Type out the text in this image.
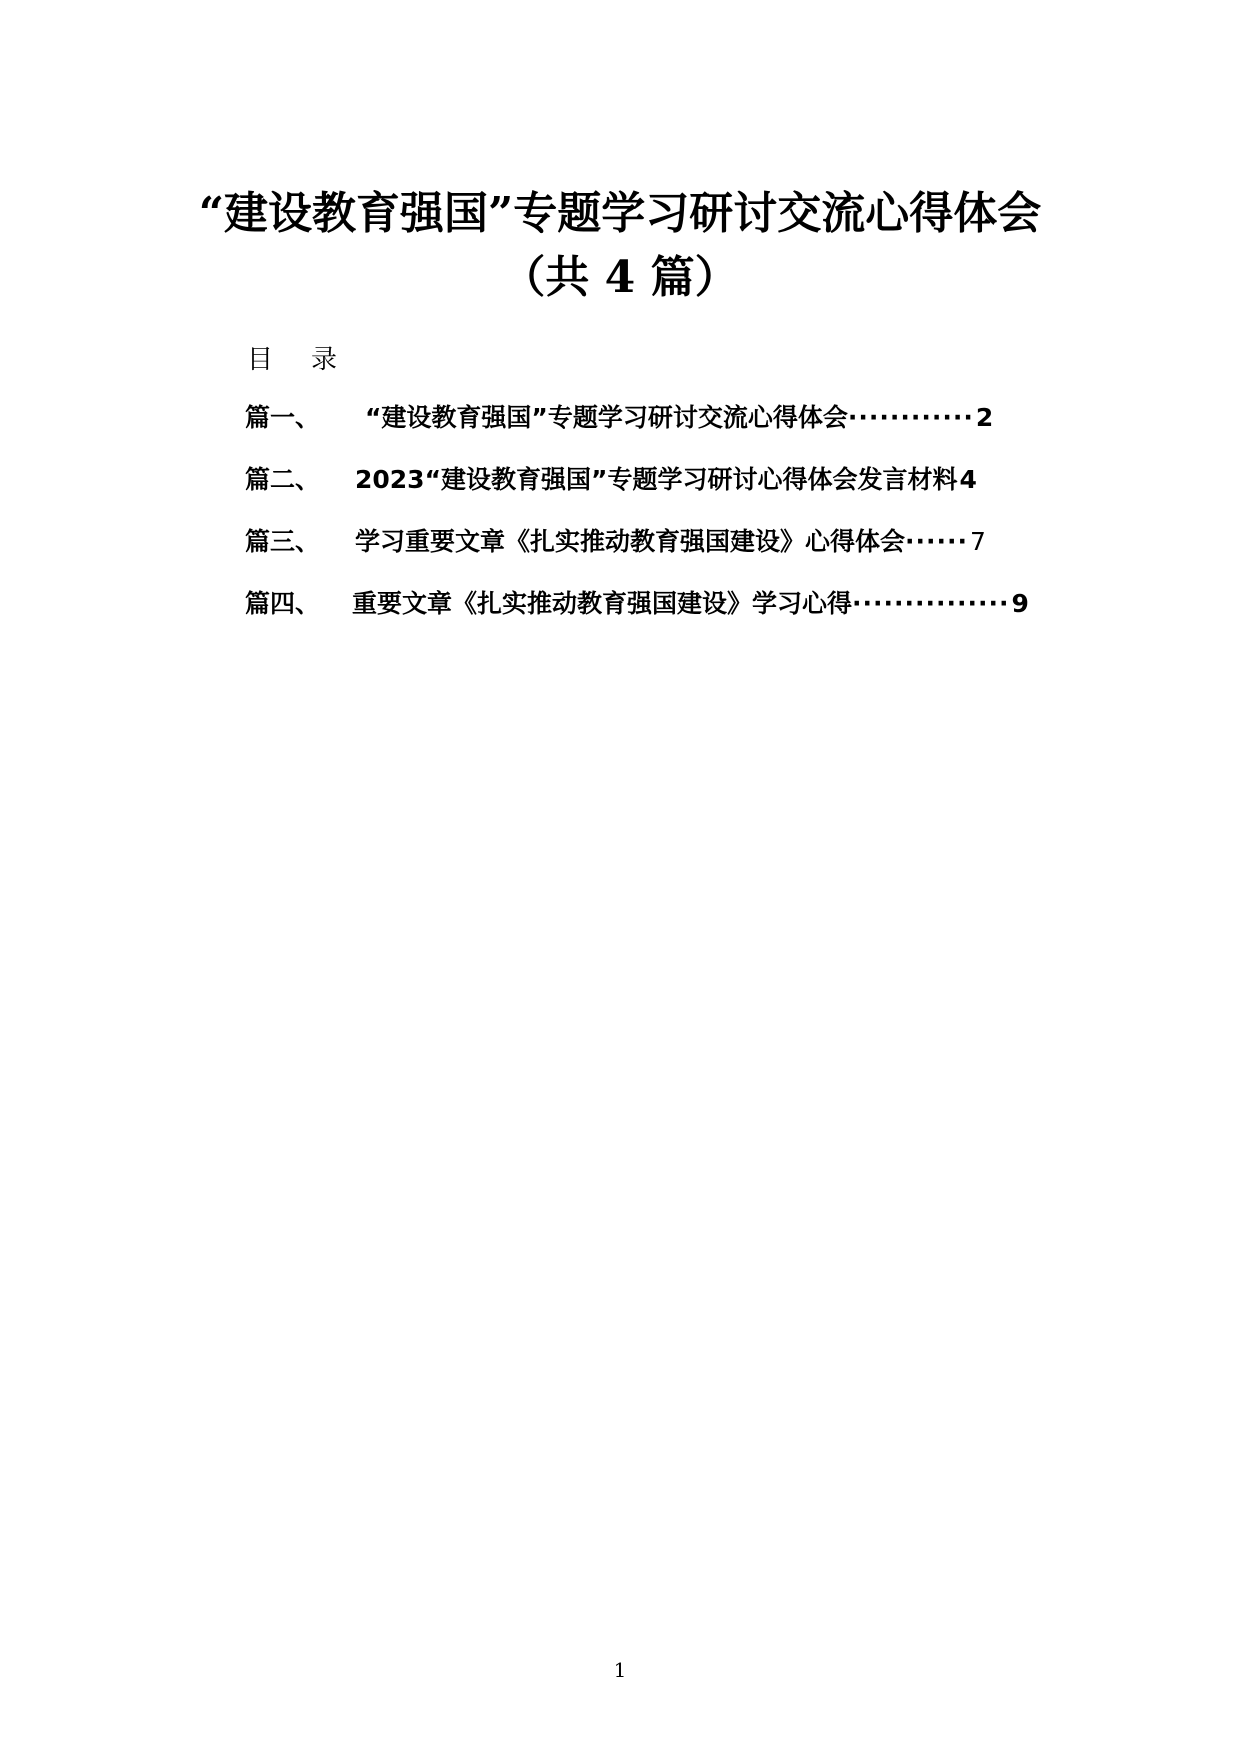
“建设教育强国”专题学习研讨交流心得体会（共 4 篇）
目 录
篇一、 “建设教育强国”专题学习研讨交流心得体会············2
篇二、 2023“建设教育强国”专题学习研讨心得体会发言材料4
篇三、 学习重要文章《扎实推动教育强国建设》心得体会······7
篇四、 重要文章《扎实推动教育强国建设》学习心得···············9
1
